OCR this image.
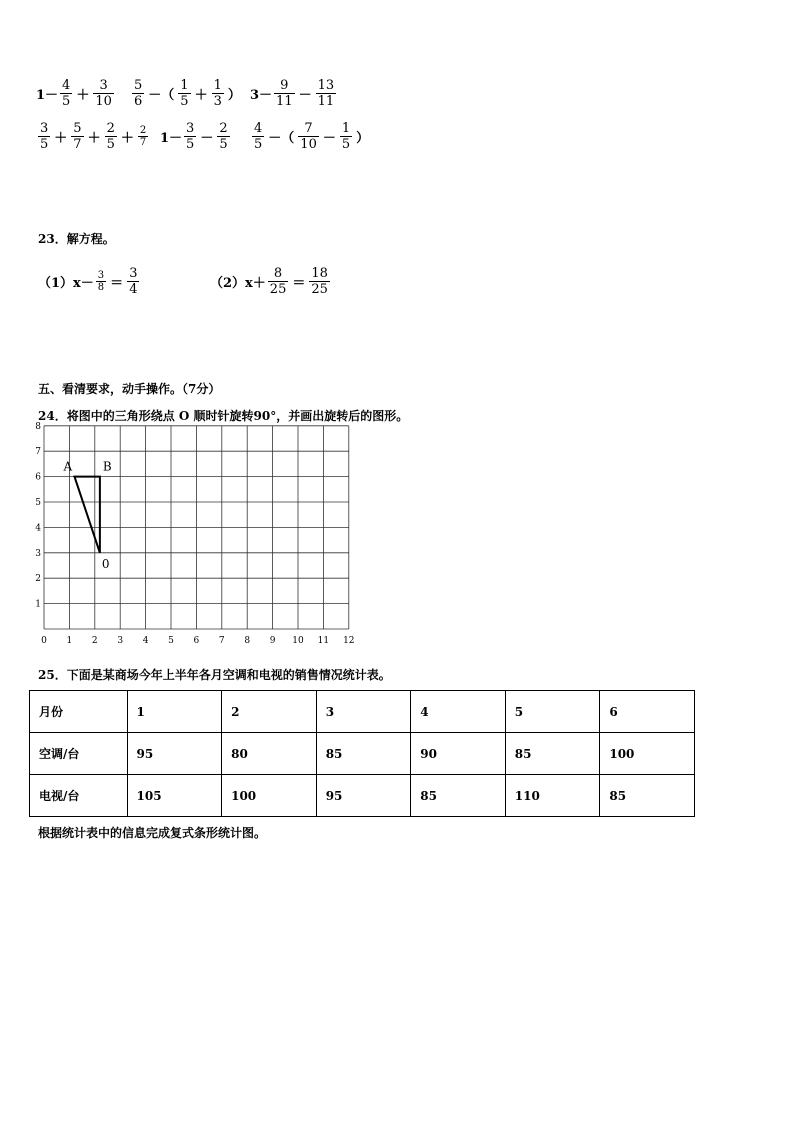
$1- \frac{4}{5} + \frac{3}{10} \frac{5}{6}$ －（ $\frac{1}{5} + \frac{1}{3}$ ） $3- \frac{9}{11} - \frac{13}{11}$
$\frac{3}{5} + \frac{5}{7} + \frac{2}{5} + \frac{2}{7} 1- \frac{3}{5} - \frac{2}{5} \frac{4}{5}$ －（ $\frac{7}{10} - \frac{1}{5}$ ）
23．解方程。
$(1)x- \frac{3}{8} = \frac{3}{4}$	$(2)x+ \frac{8}{25} = \frac{18}{25}$
五、看清要求，动手操作。（7分）
24．将图中的三角形绕点 O 顺时针旋转90°，并画出旋转后的图形。
0 1 2 3 4 5 6 7 8 9 10 11 12
1
2
3
4
5
6
7
8
A	B
0
25．下面是某商场今年上半年各月空调和电视的销售情况统计表。
月份	1	2	3	4	5	6
空调/台	95	80	85	90	85	100
电视/台	105	100	95	85	110	85
根据统计表中的信息完成复式条形统计图。
